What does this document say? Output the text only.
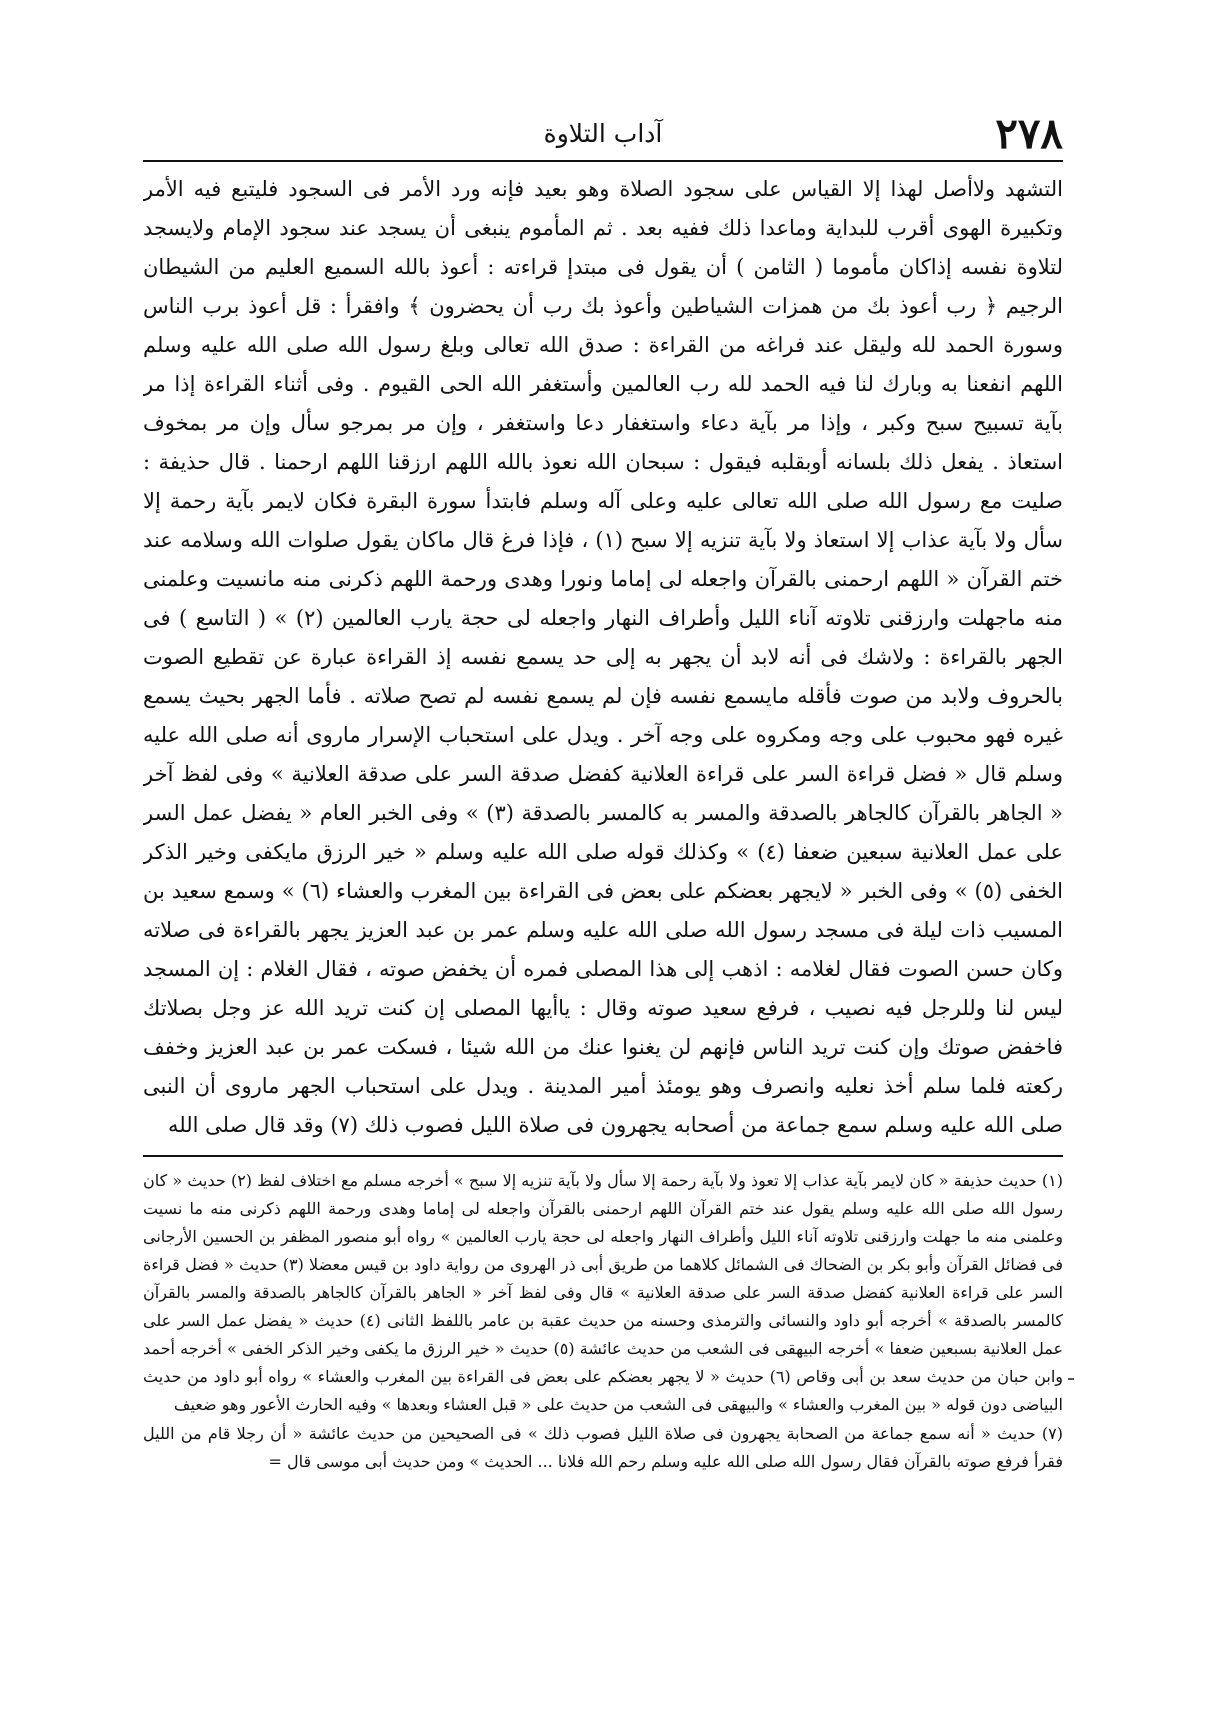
٢٧٨
آداب التلاوة

التشهد ولاأصل لهذا إلا القياس على سجود الصلاة وهو بعيد فإنه ورد الأمر فى السجود فليتبع فيه الأمر وتكبيرة الهوى أقرب للبداية وماعدا ذلك ففيه بعد . ثم المأموم ينبغى أن يسجد عند سجود الإمام ولايسجد لتلاوة نفسه إذاكان مأموما ( الثامن ) أن يقول فى مبتدإ قراءته : أعوذ بالله السميع العليم من الشيطان الرجيم ﴿ رب أعوذ بك من همزات الشياطين وأعوذ بك رب أن يحضرون ﴾ وافقرأ : قل أعوذ برب الناس وسورة الحمد لله وليقل عند فراغه من القراءة : صدق الله تعالى وبلغ رسول الله صلى الله عليه وسلم اللهم انفعنا به وبارك لنا فيه الحمد لله رب العالمين وأستغفر الله الحى القيوم . وفى أثناء القراءة إذا مر بآية تسبيح سبح وكبر ، وإذا مر بآية دعاء واستغفار دعا واستغفر ، وإن مر بمرجو سأل وإن مر بمخوف استعاذ . يفعل ذلك بلسانه أوبقلبه فيقول : سبحان الله نعوذ بالله اللهم ارزقنا اللهم ارحمنا . قال حذيفة : صليت مع رسول الله صلى الله تعالى عليه وعلى آله وسلم فابتدأ سورة البقرة فكان لايمر بآية رحمة إلا سأل ولا بآية عذاب إلا استعاذ ولا بآية تنزيه إلا سبح (١) ، فإذا فرغ قال ماكان يقول صلوات الله وسلامه عند ختم القرآن « اللهم ارحمنى بالقرآن واجعله لى إماما ونورا وهدى ورحمة اللهم ذكرنى منه مانسيت وعلمنى منه ماجهلت وارزقنى تلاوته آناء الليل وأطراف النهار واجعله لى حجة يارب العالمين (٢) » ( التاسع ) فى الجهر بالقراءة : ولاشك فى أنه لابد أن يجهر به إلى حد يسمع نفسه إذ القراءة عبارة عن تقطيع الصوت بالحروف ولابد من صوت فأقله مايسمع نفسه فإن لم يسمع نفسه لم تصح صلاته . فأما الجهر بحيث يسمع غيره فهو محبوب على وجه ومكروه على وجه آخر . ويدل على استحباب الإسرار ماروى أنه صلى الله عليه وسلم قال « فضل قراءة السر على قراءة العلانية كفضل صدقة السر على صدقة العلانية » وفى لفظ آخر « الجاهر بالقرآن كالجاهر بالصدقة والمسر به كالمسر بالصدقة (٣) » وفى الخبر العام « يفضل عمل السر على عمل العلانية سبعين ضعفا (٤) » وكذلك قوله صلى الله عليه وسلم « خير الرزق مايكفى وخير الذكر الخفى (٥) » وفى الخبر « لايجهر بعضكم على بعض فى القراءة بين المغرب والعشاء (٦) » وسمع سعيد بن المسيب ذات ليلة فى مسجد رسول الله صلى الله عليه وسلم عمر بن عبد العزيز يجهر بالقراءة فى صلاته وكان حسن الصوت فقال لغلامه : اذهب إلى هذا المصلى فمره أن يخفض صوته ، فقال الغلام : إن المسجد ليس لنا وللرجل فيه نصيب ، فرفع سعيد صوته وقال : ياأيها المصلى إن كنت تريد الله عز وجل بصلاتك فاخفض صوتك وإن كنت تريد الناس فإنهم لن يغنوا عنك من الله شيئا ، فسكت عمر بن عبد العزيز وخفف ركعته فلما سلم أخذ نعليه وانصرف وهو يومئذ أمير المدينة . ويدل على استحباب الجهر ماروى أن النبى صلى الله عليه وسلم سمع جماعة من أصحابه يجهرون فى صلاة الليل فصوب ذلك (٧) وقد قال صلى الله

(١) حديث حذيفة « كان لايمر بآية عذاب إلا تعوذ ولا بآية رحمة إلا سأل ولا بآية تنزيه إلا سبح » أخرجه مسلم مع اختلاف لفظ (٢) حديث « كان رسول الله صلى الله عليه وسلم يقول عند ختم القرآن اللهم ارحمنى بالقرآن واجعله لى إماما وهدى ورحمة اللهم ذكرنى منه ما نسيت وعلمنى منه ما جهلت وارزقنى تلاوته آناء الليل وأطراف النهار واجعله لى حجة يارب العالمين » رواه أبو منصور المظفر بن الحسين الأرجانى فى فضائل القرآن وأبو بكر بن الضحاك فى الشمائل كلاهما من طريق أبى ذر الهروى من رواية داود بن قيس معضلا (٣) حديث « فضل قراءة السر على قراءة العلانية كفضل صدقة السر على صدقة العلانية » قال وفى لفظ آخر « الجاهر بالقرآن كالجاهر بالصدقة والمسر بالقرآن كالمسر بالصدقة » أخرجه أبو داود والنسائى والترمذى وحسنه من حديث عقبة بن عامر باللفظ الثانى (٤) حديث « يفضل عمل السر على عمل العلانية بسبعين ضعفا » أخرجه البيهقى فى الشعب من حديث عائشة (٥) حديث « خير الرزق ما يكفى وخير الذكر الخفى » أخرجه أحمد وابن حبان من حديث سعد بن أبى وقاص (٦) حديث « لا يجهر بعضكم على بعض فى القراءة بين المغرب والعشاء » رواه أبو داود من حديث البياضى دون قوله « بين المغرب والعشاء » والبيهقى فى الشعب من حديث على « قبل العشاء وبعدها » وفيه الحارث الأعور وهو ضعيف

(٧) حديث « أنه سمع جماعة من الصحابة يجهرون فى صلاة الليل فصوب ذلك » فى الصحيحين من حديث عائشة « أن رجلا قام من الليل فقرأ فرفع صوته بالقرآن فقال رسول الله صلى الله عليه وسلم رحم الله فلانا ... الحديث » ومن حديث أبى موسى قال =
